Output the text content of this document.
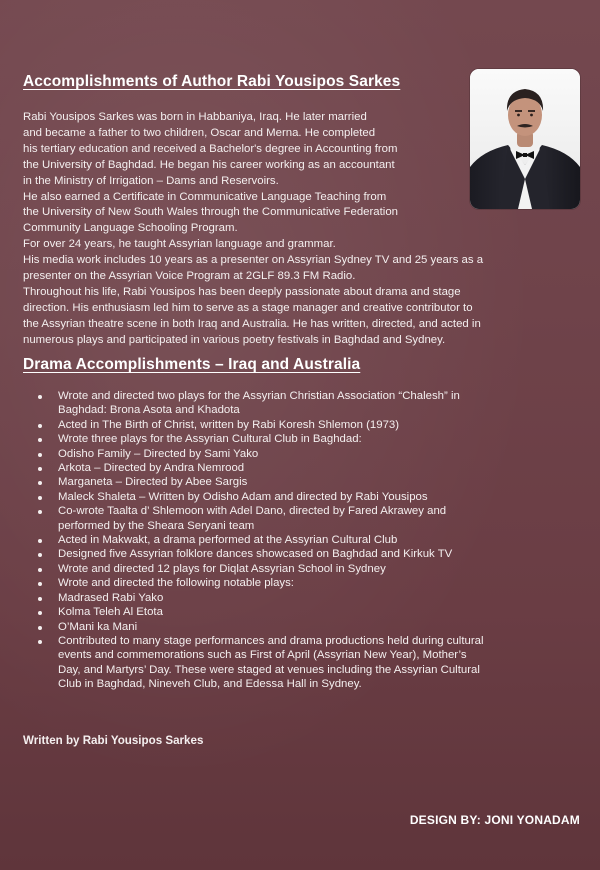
Accomplishments of Author Rabi Yousipos Sarkes
Rabi Yousipos Sarkes was born in Habbaniya, Iraq. He later married
and became a father to two children, Oscar and Merna. He completed
his tertiary education and received a Bachelor's degree in Accounting from
the University of Baghdad. He began his career working as an accountant
in the Ministry of Irrigation – Dams and Reservoirs.
He also earned a Certificate in Communicative Language Teaching from
the University of New South Wales through the Communicative Federation
Community Language Schooling Program.
For over 24 years, he taught Assyrian language and grammar.
His media work includes 10 years as a presenter on Assyrian Sydney TV and 25 years as a
presenter on the Assyrian Voice Program at 2GLF 89.3 FM Radio.
Throughout his life, Rabi Yousipos has been deeply passionate about drama and stage
direction. His enthusiasm led him to serve as a stage manager and creative contributor to
the Assyrian theatre scene in both Iraq and Australia. He has written, directed, and acted in
numerous plays and participated in various poetry festivals in Baghdad and Sydney.
Drama Accomplishments – Iraq and Australia
Wrote and directed two plays for the Assyrian Christian Association “Chalesh” in
Baghdad: Brona Asota and Khadota
Acted in The Birth of Christ, written by Rabi Koresh Shlemon (1973)
Wrote three plays for the Assyrian Cultural Club in Baghdad:
Odisho Family – Directed by Sami Yako
Arkota – Directed by Andra Nemrood
Marganeta – Directed by Abee Sargis
Maleck Shaleta – Written by Odisho Adam and directed by Rabi Yousipos
Co-wrote Taalta d’ Shlemoon with Adel Dano, directed by Fared Akrawey and
performed by the Sheara Seryani team
Acted in Makwakt, a drama performed at the Assyrian Cultural Club
Designed five Assyrian folklore dances showcased on Baghdad and Kirkuk TV
Wrote and directed 12 plays for Diqlat Assyrian School in Sydney
Wrote and directed the following notable plays:
Madrased Rabi Yako
Kolma Teleh Al Etota
O’Mani ka Mani
Contributed to many stage performances and drama productions held during cultural
events and commemorations such as First of April (Assyrian New Year), Mother’s
Day, and Martyrs’ Day. These were staged at venues including the Assyrian Cultural
Club in Baghdad, Nineveh Club, and Edessa Hall in Sydney.

Written by Rabi Yousipos Sarkes

DESIGN BY: JONI YONADAM
